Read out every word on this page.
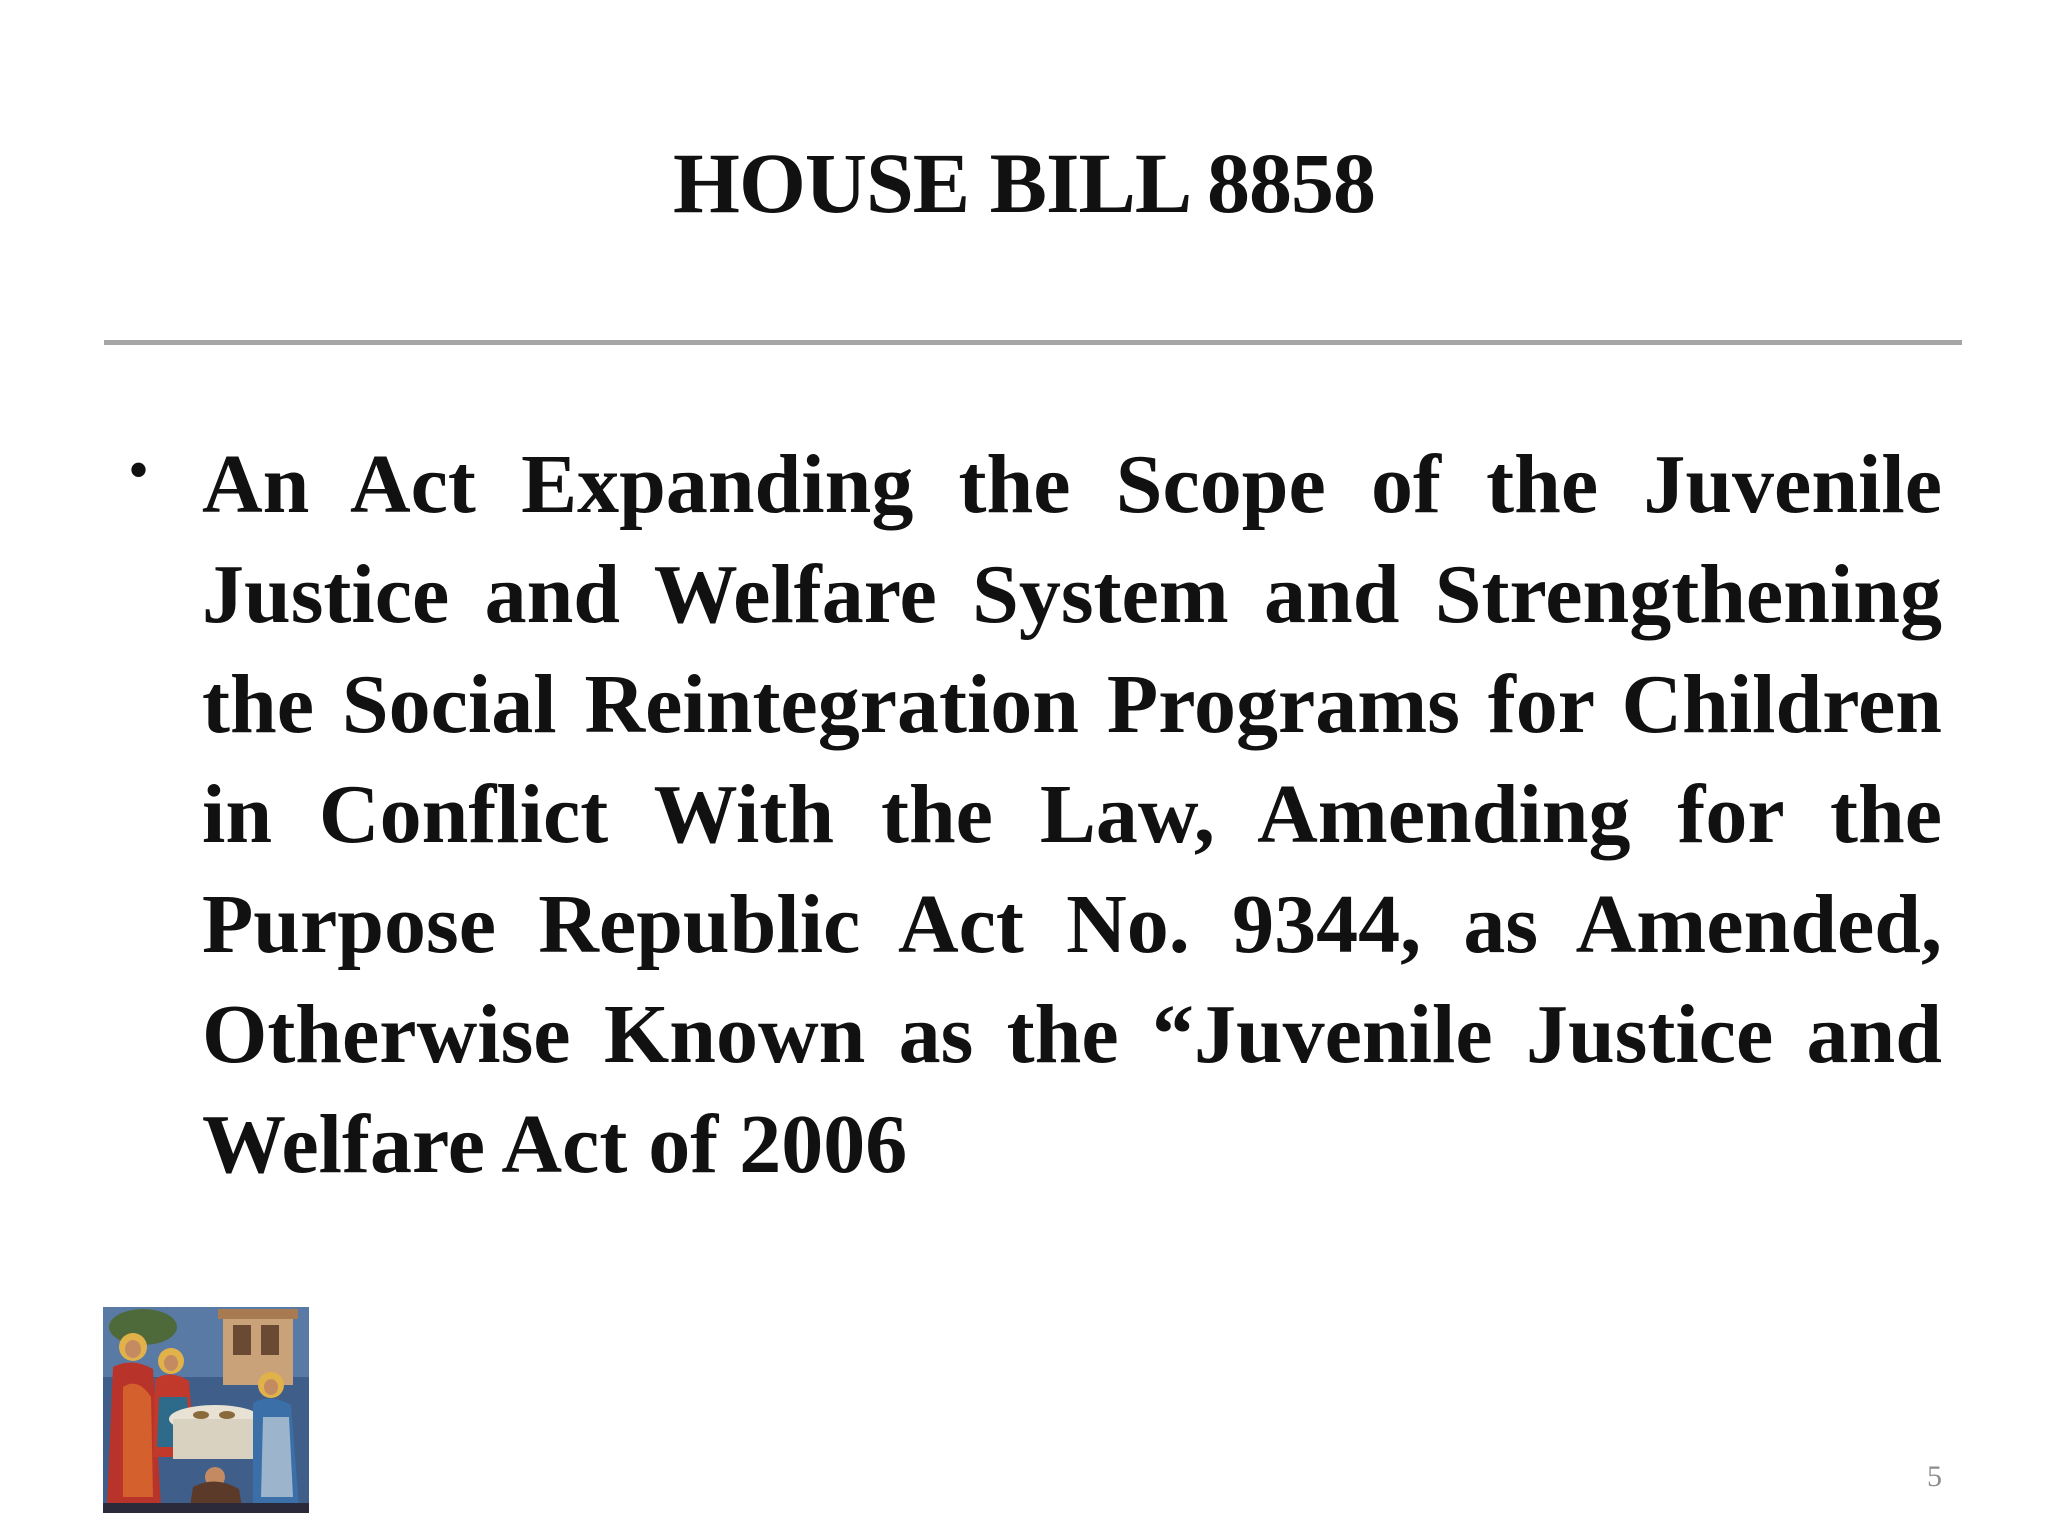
HOUSE BILL 8858
• An Act Expanding the Scope of the Juvenile Justice and Welfare System and Strengthening the Social Reintegration Programs for Children in Conflict With the Law, Amending for the Purpose Republic Act No. 9344, as Amended, Otherwise Known as the “Juvenile Justice and Welfare Act of 2006
5
